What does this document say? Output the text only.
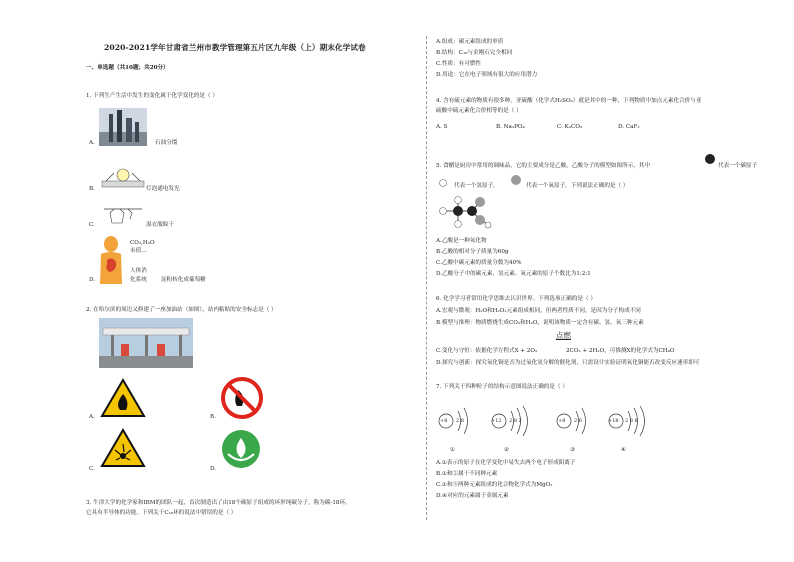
2020-2021学年甘肃省兰州市教学管理第五片区九年级（上）期末化学试卷
一、单选题（共10题；共20分）
1. 下列生产生活中发生的变化属于化学变化的是（ ）
A.	石油分馏
B.	灯泡通电发光
C.	湿衣服晾干
CO₂,H₂O
未值…
人体消
化系统
D.	淀粉转化成葡萄糖
2. 在哈尔滨的周边又修建了一座加油站（如图），站内粘贴的安全标志是（ ）
A.	B.
C.	D.
3. 牛津大学的化学家和IBM的团队一起，首次制造出了由18个碳原子组成的环形纯碳分子，称为碳-18环，
它具有半导体的功能。下列关于C₁₈环的说法中错误的是（ ）
A.组成：碳元素组成的单质
B.结构：C₁₈与金刚石完全相同
C.性质：有可燃性
D.用途：它在电子领域有很大的应用潜力
4. 含有硫元素的物质有很多种，亚硫酸（化学式H₂SO₃）就是其中的一种，下列物质中加点元素化合价与亚
硫酸中硫元素化合价相等的是（ ）
A. S	B. Na₃PO₄	C. K₂CO₃	D. CaF₂
5. 食醋是厨房中常用的调味品，它的主要成分是乙酸，乙酸分子的模型如图所示，其中	代表一个碳原子
代表一个氢原子，	代表一个氧原子。下列说法正确的是（ ）
A.乙酸是一种氧化物
B.乙酸的相对分子质量为60g
C.乙酸中碳元素的质量分数为40%
D.乙酸分子中的碳元素、氢元素、氧元素的原子个数比为1:2:1
6. 化学学习者常用化学思维去认识世界。下列选项正确的是（ ）
A.宏观与微观：H₂O和H₂O₂元素组成相同，但两者性质不同，是因为分子构成不同
B.模型与推理：物质燃烧生成CO₂和H₂O，说明该物质一定含有碳、氢、氧三种元素
点燃
C.变化与守恒：依据化学方程式X + 2O₂	2CO₂ + 2H₂O，可推测X的化学式为CH₄O
D.探究与创新：探究氧化铜是否为过氧化氢分解的催化剂，只需设计实验证明氧化铜能否改变反应速率即可
7. 下列关于四种粒子的结构示意图说法正确的是（ ）
+8 2 8	+12 2 8 2	+8 2 6	+18 2 8 8
①	②	③	④
A.①表示的原子在化学变化中易失去两个电子形成阳离子
B.①和②属于不同种元素
C.①和③两种元素组成的化合物化学式为MgO₂
D.④对应的元素属于金属元素
